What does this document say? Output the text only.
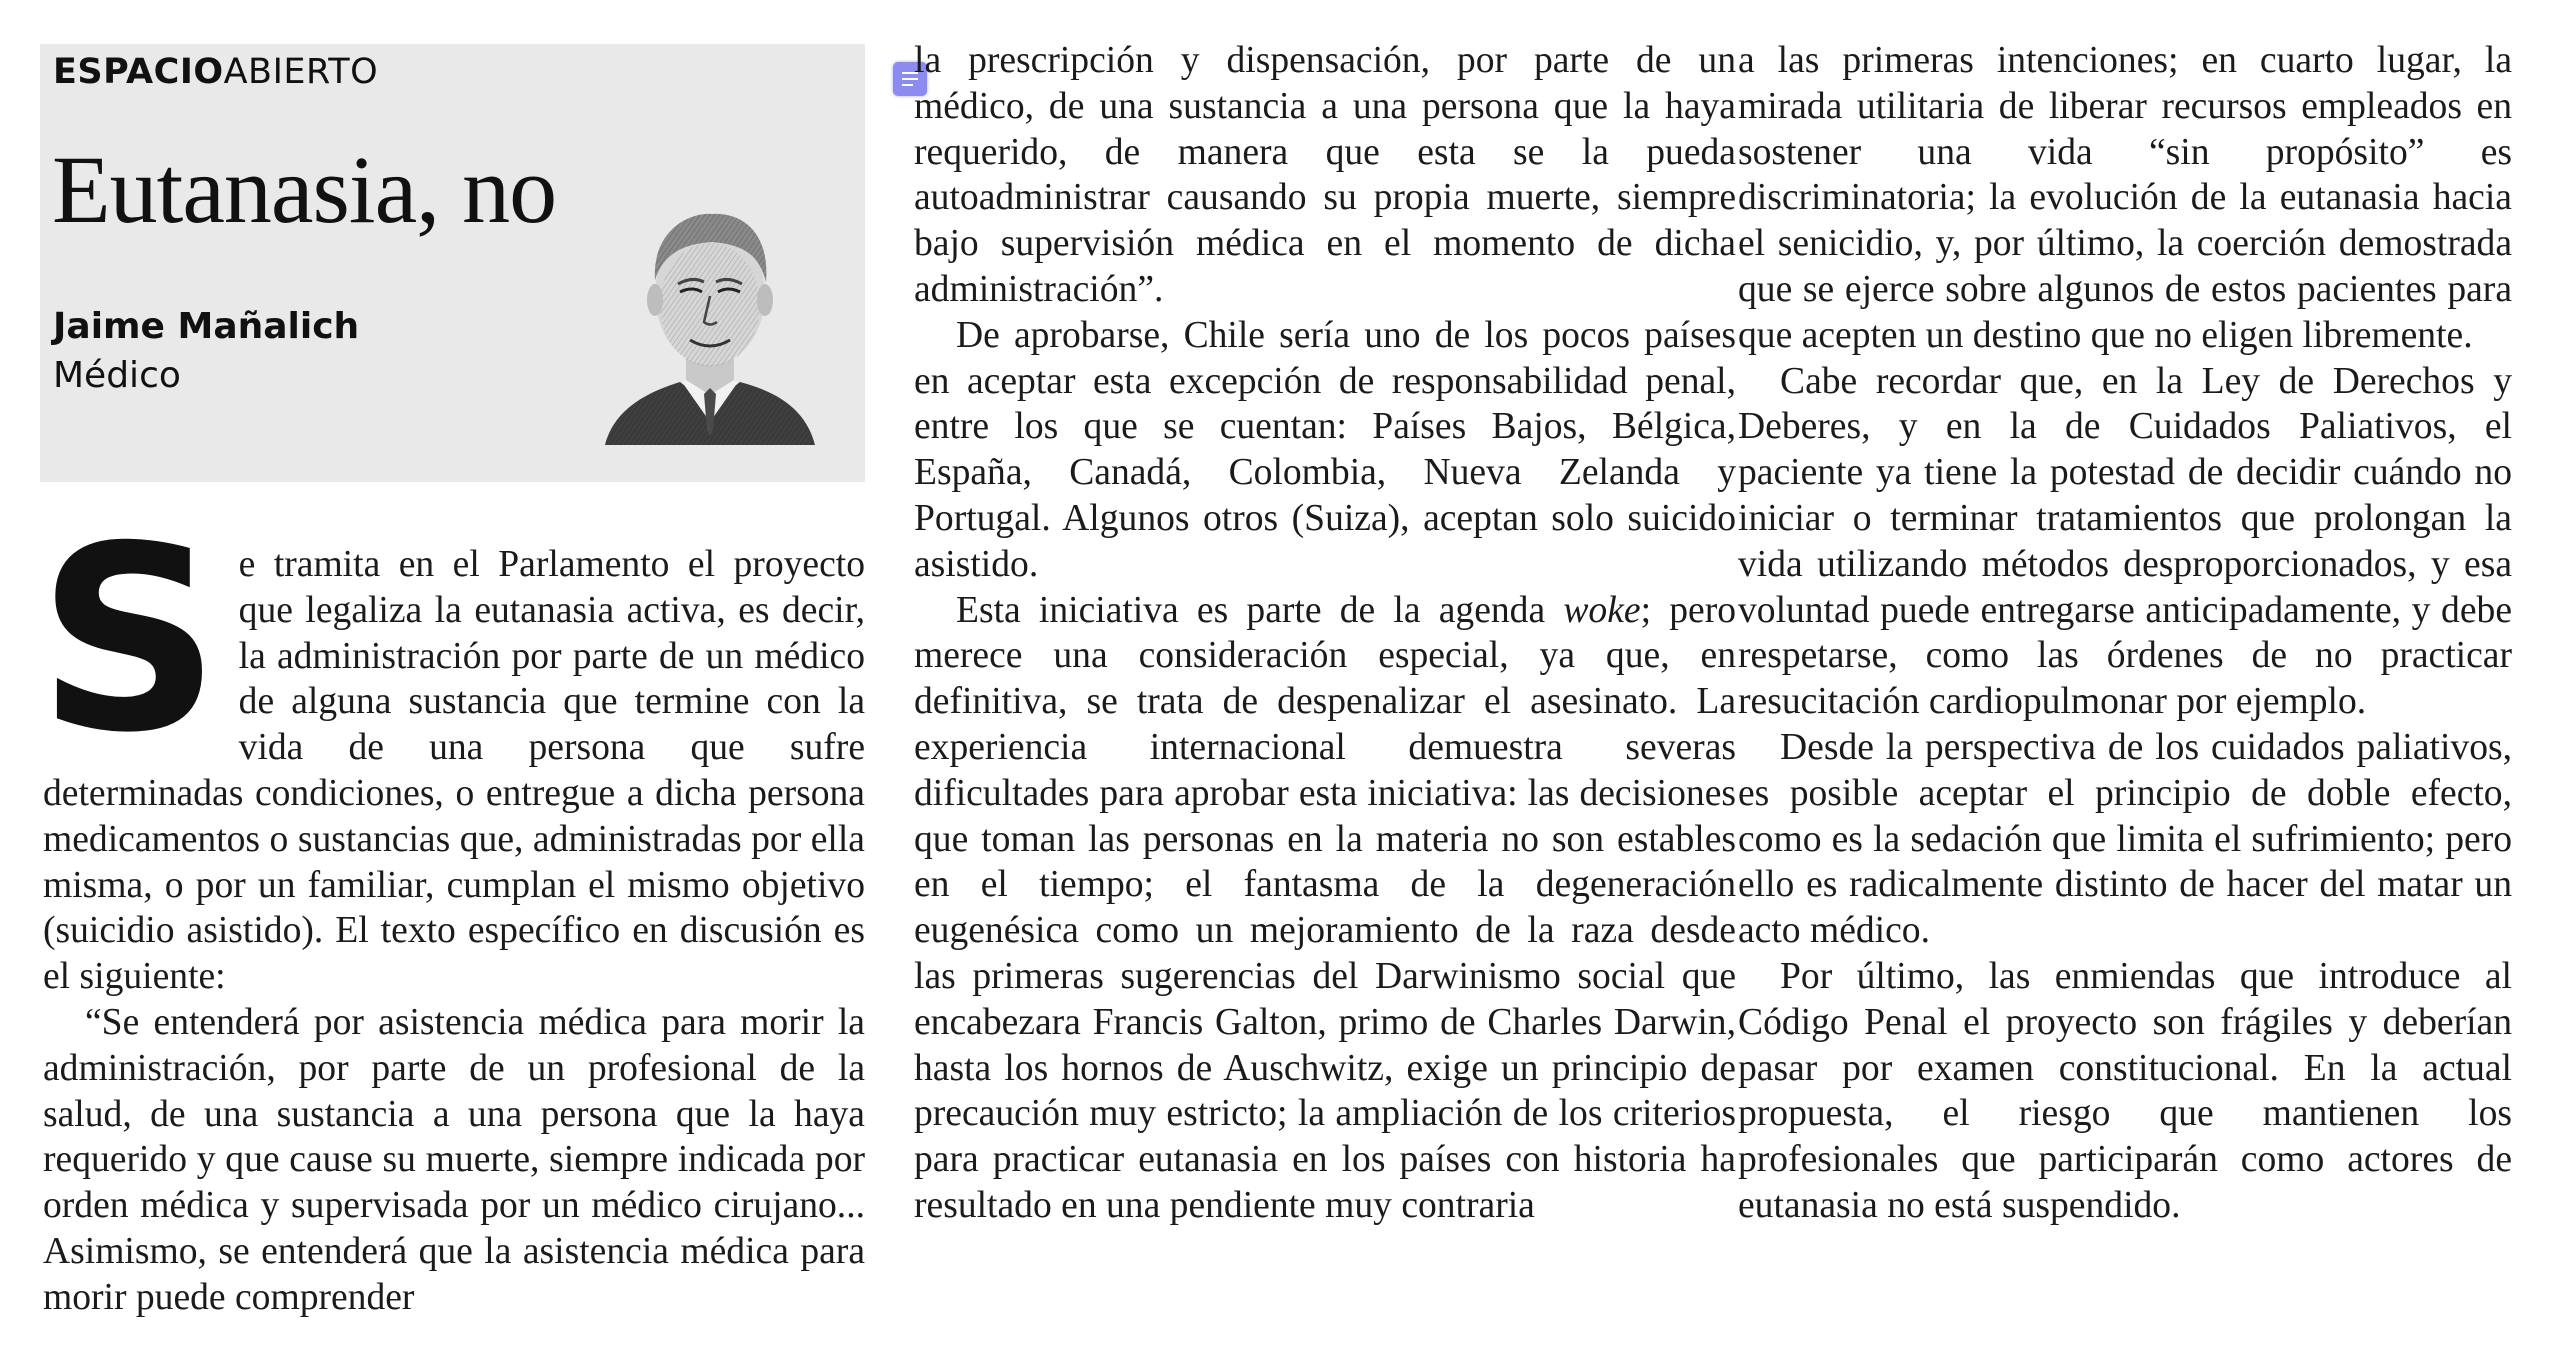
ESPACIOABIERTO
Eutanasia, no
Jaime Mañalich
Médico

Se tramita en el Parlamento el proyecto que legaliza la eutanasia activa, es decir, la administración por parte de un médico de alguna sustancia que termine con la vida de una persona que sufre determinadas condiciones, o entregue a dicha persona medicamentos o sustancias que, administradas por ella misma, o por un familiar, cumplan el mismo objetivo (suicidio asistido). El texto específico en discusión es el siguiente:

“Se entenderá por asistencia médica para morir la administración, por parte de un profesional de la salud, de una sustancia a una persona que la haya requerido y que cause su muerte, siempre indicada por orden médica y supervisada por un médico cirujano... Asimismo, se entenderá que la asistencia médica para morir puede comprender

la prescripción y dispensación, por parte de un médico, de una sustancia a una persona que la haya requerido, de manera que esta se la pueda autoadministrar causando su propia muerte, siempre bajo supervisión médica en el momento de dicha administración”.

De aprobarse, Chile sería uno de los pocos países en aceptar esta excepción de responsabilidad penal, entre los que se cuentan: Países Bajos, Bélgica, España, Canadá, Colombia, Nueva Zelanda y Portugal. Algunos otros (Suiza), aceptan solo suicido asistido.

Esta iniciativa es parte de la agenda woke; pero merece una consideración especial, ya que, en definitiva, se trata de despenalizar el asesinato. La experiencia internacional demuestra severas dificultades para aprobar esta iniciativa: las decisiones que toman las personas en la materia no son estables en el tiempo; el fantasma de la degeneración eugenésica como un mejoramiento de la raza desde las primeras sugerencias del Darwinismo social que encabezara Francis Galton, primo de Charles Darwin, hasta los hornos de Auschwitz, exige un principio de precaución muy estricto; la ampliación de los criterios para practicar eutanasia en los países con historia ha resultado en una pendiente muy contraria

a las primeras intenciones; en cuarto lugar, la mirada utilitaria de liberar recursos empleados en sostener una vida “sin propósito” es discriminatoria; la evolución de la eutanasia hacia el senicidio, y, por último, la coerción demostrada que se ejerce sobre algunos de estos pacientes para que acepten un destino que no eligen libremente.

Cabe recordar que, en la Ley de Derechos y Deberes, y en la de Cuidados Paliativos, el paciente ya tiene la potestad de decidir cuándo no iniciar o terminar tratamientos que prolongan la vida utilizando métodos desproporcionados, y esa voluntad puede entregarse anticipadamente, y debe respetarse, como las órdenes de no practicar resucitación cardiopulmonar por ejemplo.

Desde la perspectiva de los cuidados paliativos, es posible aceptar el principio de doble efecto, como es la sedación que limita el sufrimiento; pero ello es radicalmente distinto de hacer del matar un acto médico.

Por último, las enmiendas que introduce al Código Penal el proyecto son frágiles y deberían pasar por examen constitucional. En la actual propuesta, el riesgo que mantienen los profesionales que participarán como actores de eutanasia no está suspendido.
